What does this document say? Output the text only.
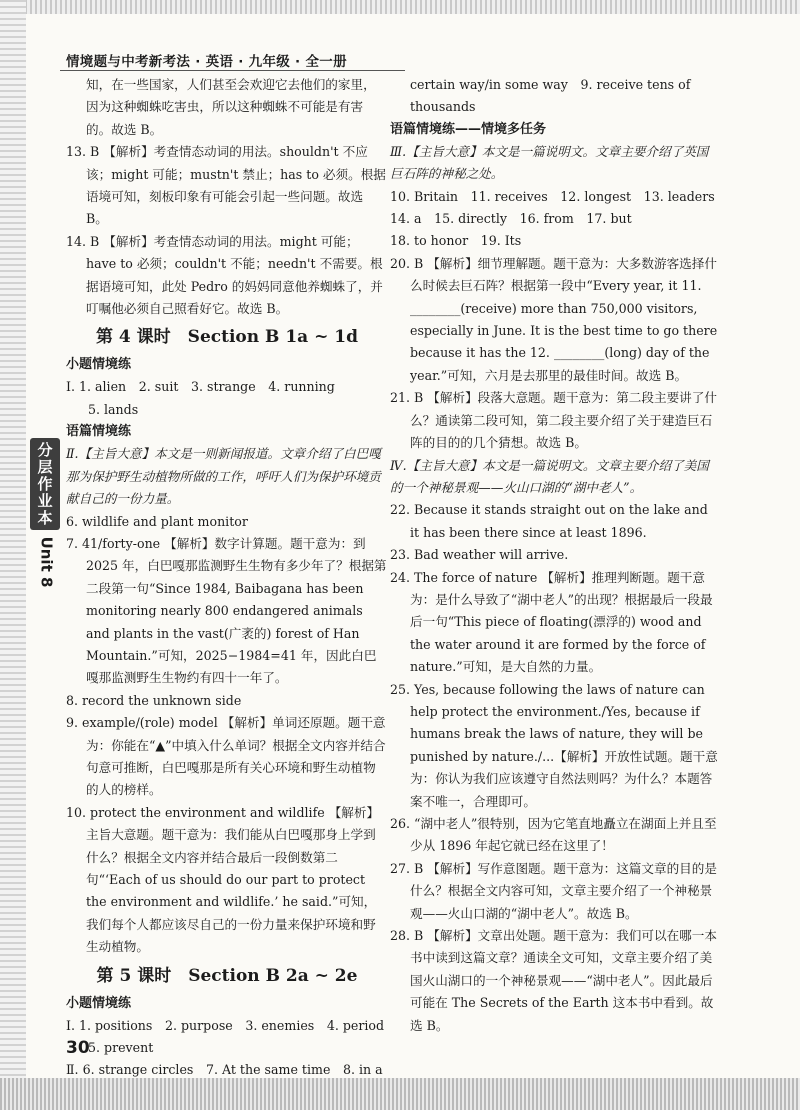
情境题与中考新考法 · 英语 · 九年级 · 全一册
分层作业本
Unit 8

知，在一些国家，人们甚至会欢迎它去他们的家里，因为这种蜘蛛吃害虫，所以这种蜘蛛不可能是有害的。故选 B。

13. B 【解析】考查情态动词的用法。shouldn't 不应该；might 可能；mustn't 禁止；has to 必须。根据语境可知，刻板印象有可能会引起一些问题。故选 B。

14. B 【解析】考查情态动词的用法。might 可能；have to 必须；couldn't 不能；needn't 不需要。根据语境可知，此处 Pedro 的妈妈同意他养蜘蛛了，并叮嘱他必须自己照看好它。故选 B。

第 4 课时　Section B 1a ~ 1d

小题情境练

Ⅰ. 1. alien　2. suit　3. strange　4. running

5. lands

语篇情境练

Ⅱ.【主旨大意】本文是一则新闻报道。文章介绍了白巴嘎那为保护野生动植物所做的工作，呼吁人们为保护环境贡献自己的一份力量。

6. wildlife and plant monitor

7. 41/forty-one 【解析】数字计算题。题干意为：到 2025 年，白巴嘎那监测野生生物有多少年了？根据第二段第一句“Since 1984, Baibagana has been monitoring nearly 800 endangered animals and plants in the vast(广袤的) forest of Han Mountain.”可知，2025−1984=41 年，因此白巴嘎那监测野生生物约有四十一年了。

8. record the unknown side

9. example/(role) model 【解析】单词还原题。题干意为：你能在“▲”中填入什么单词？根据全文内容并结合句意可推断，白巴嘎那是所有关心环境和野生动植物的人的榜样。

10. protect the environment and wildlife 【解析】主旨大意题。题干意为：我们能从白巴嘎那身上学到什么？根据全文内容并结合最后一段倒数第二句“‘Each of us should do our part to protect the environment and wildlife.’ he said.”可知，我们每个人都应该尽自己的一份力量来保护环境和野生动植物。

第 5 课时　Section B 2a ~ 2e

小题情境练

Ⅰ. 1. positions　2. purpose　3. enemies　4. period

5. prevent

Ⅱ. 6. strange circles　7. At the same time　8. in a

certain way/in some way　9. receive tens of thousands

语篇情境练——情境多任务

Ⅲ.【主旨大意】本文是一篇说明文。文章主要介绍了英国巨石阵的神秘之处。

10. Britain　11. receives　12. longest　13. leaders

14. a　15. directly　16. from　17. but

18. to honor　19. Its

20. B 【解析】细节理解题。题干意为：大多数游客选择什么时候去巨石阵？根据第一段中“Every year, it 11. ________(receive) more than 750,000 visitors, especially in June. It is the best time to go there because it has the 12. ________(long) day of the year.”可知，六月是去那里的最佳时间。故选 B。

21. B 【解析】段落大意题。题干意为：第二段主要讲了什么？通读第二段可知，第二段主要介绍了关于建造巨石阵的目的的几个猜想。故选 B。

Ⅳ.【主旨大意】本文是一篇说明文。文章主要介绍了美国的一个神秘景观——火山口湖的“湖中老人”。

22. Because it stands straight out on the lake and it has been there since at least 1896.

23. Bad weather will arrive.

24. The force of nature 【解析】推理判断题。题干意为：是什么导致了“湖中老人”的出现？根据最后一段最后一句“This piece of floating(漂浮的) wood and the water around it are formed by the force of nature.”可知，是大自然的力量。

25. Yes, because following the laws of nature can help protect the environment./Yes, because if humans break the laws of nature, they will be punished by nature./...【解析】开放性试题。题干意为：你认为我们应该遵守自然法则吗？为什么？本题答案不唯一，合理即可。

26. “湖中老人”很特别，因为它笔直地矗立在湖面上并且至少从 1896 年起它就已经在这里了！

27. B 【解析】写作意图题。题干意为：这篇文章的目的是什么？根据全文内容可知，文章主要介绍了一个神秘景观——火山口湖的“湖中老人”。故选 B。

28. B 【解析】文章出处题。题干意为：我们可以在哪一本书中读到这篇文章？通读全文可知，文章主要介绍了美国火山湖口的一个神秘景观——“湖中老人”。因此最后可能在 The Secrets of the Earth 这本书中看到。故选 B。

30
